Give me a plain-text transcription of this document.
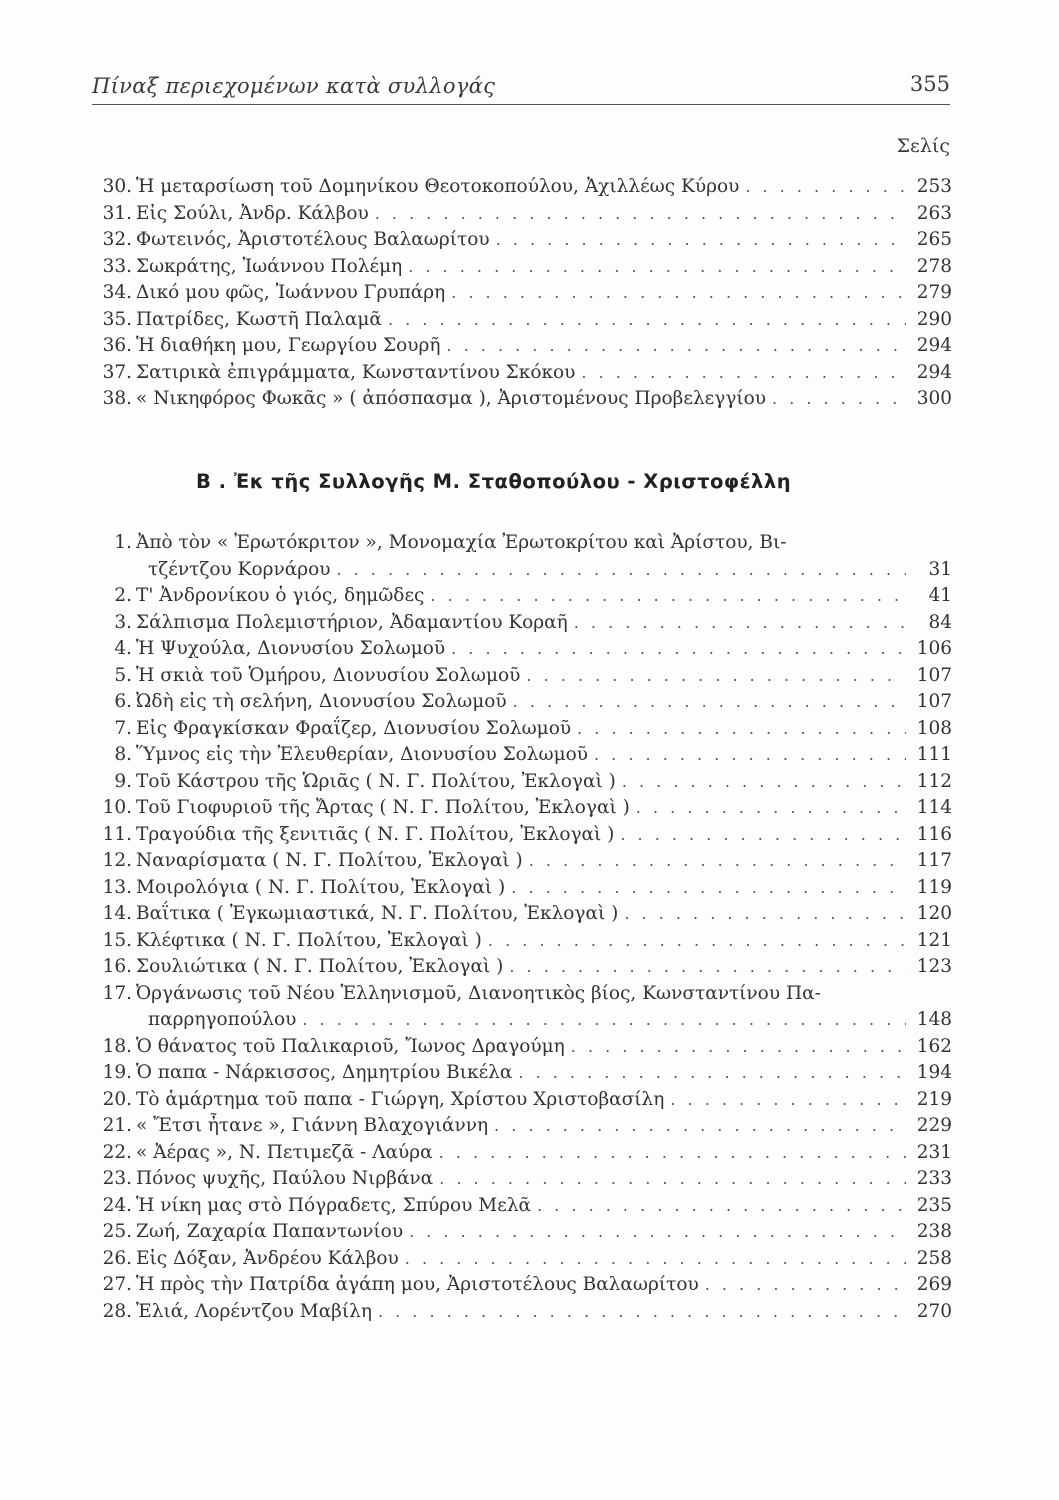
Πίναξ περιεχομένων κατὰ συλλογάς	355
Σελίς
30. Ἡ μεταρσίωση τοῦ Δομηνίκου Θεοτοκοπούλου, Ἀχιλλέως Κύρου . . .	253
31. Εἰς Σούλι, Ἀνδρ. Κάλβου . . .	263
32. Φωτεινός, Ἀριστοτέλους Βαλαωρίτου . . .	265
33. Σωκράτης, Ἰωάννου Πολέμη . . .	278
34. Δικό μου φῶς, Ἰωάννου Γρυπάρη . . .	279
35. Πατρίδες, Κωστῆ Παλαμᾶ . . .	290
36. Ἡ διαθήκη μου, Γεωργίου Σουρῆ . . .	294
37. Σατιρικὰ ἐπιγράμματα, Κωνσταντίνου Σκόκου . . .	294
38. « Νικηφόρος Φωκᾶς » ( ἀπόσπασμα ), Ἀριστομένους Προβελεγγίου . . .	300
Β . Ἐκ τῆς Συλλογῆς Μ. Σταθοπούλου - Χριστοφέλλη
1. Ἀπὸ τὸν « Ἐρωτόκριτον », Μονομαχία Ἐρωτοκρίτου καὶ Ἀρίστου, Βι-
τζέντζου Κορνάρου . . .	31
2. Τ' Ἀνδρονίκου ὁ γιός, δημῶδες . . .	41
3. Σάλπισμα Πολεμιστήριον, Ἀδαμαντίου Κοραῆ . . .	84
4. Ἡ Ψυχούλα, Διονυσίου Σολωμοῦ . . .	106
5. Ἡ σκιὰ τοῦ Ὁμήρου, Διονυσίου Σολωμοῦ . . .	107
6. Ὠδὴ εἰς τὴ σελήνη, Διονυσίου Σολωμοῦ . . .	107
7. Εἰς Φραγκίσκαν Φραΐζερ, Διονυσίου Σολωμοῦ . . .	108
8. Ὕμνος εἰς τὴν Ἐλευθερίαν, Διονυσίου Σολωμοῦ . . .	111
9. Τοῦ Κάστρου τῆς Ὡριᾶς ( Ν. Γ. Πολίτου, Ἐκλογαὶ ) . . .	112
10. Τοῦ Γιοφυριοῦ τῆς Ἄρτας ( Ν. Γ. Πολίτου, Ἐκλογαὶ ) . . .	114
11. Τραγούδια τῆς ξενιτιᾶς ( Ν. Γ. Πολίτου, Ἐκλογαὶ ) . . .	116
12. Ναναρίσματα ( Ν. Γ. Πολίτου, Ἐκλογαὶ ) . . .	117
13. Μοιρολόγια ( Ν. Γ. Πολίτου, Ἐκλογαὶ ) . . .	119
14. Βαΐτικα ( Ἐγκωμιαστικά, Ν. Γ. Πολίτου, Ἐκλογαὶ ) . . .	120
15. Κλέφτικα ( Ν. Γ. Πολίτου, Ἐκλογαὶ ) . . .	121
16. Σουλιώτικα ( Ν. Γ. Πολίτου, Ἐκλογαὶ ) . . .	123
17. Ὀργάνωσις τοῦ Νέου Ἑλληνισμοῦ, Διανοητικὸς βίος, Κωνσταντίνου Πα-
παρρηγοπούλου . . .	148
18. Ὁ θάνατος τοῦ Παλικαριοῦ, Ἴωνος Δραγούμη . . .	162
19. Ὁ παπα - Νάρκισσος, Δημητρίου Βικέλα . . .	194
20. Τὸ ἁμάρτημα τοῦ παπα - Γιώργη, Χρίστου Χριστοβασίλη . . .	219
21. « Ἔτσι ἦτανε », Γιάννη Βλαχογιάννη . . .	229
22. « Ἀέρας », Ν. Πετιμεζᾶ - Λαύρα . . .	231
23. Πόνος ψυχῆς, Παύλου Νιρβάνα . . .	233
24. Ἡ νίκη μας στὸ Πόγραδετς, Σπύρου Μελᾶ . . .	235
25. Ζωή, Ζαχαρία Παπαντωνίου . . .	238
26. Εἰς Δόξαν, Ἀνδρέου Κάλβου . . .	258
27. Ἡ πρὸς τὴν Πατρίδα ἀγάπη μου, Ἀριστοτέλους Βαλαωρίτου . . .	269
28. Ἐλιά, Λορέντζου Μαβίλη . . .	270
